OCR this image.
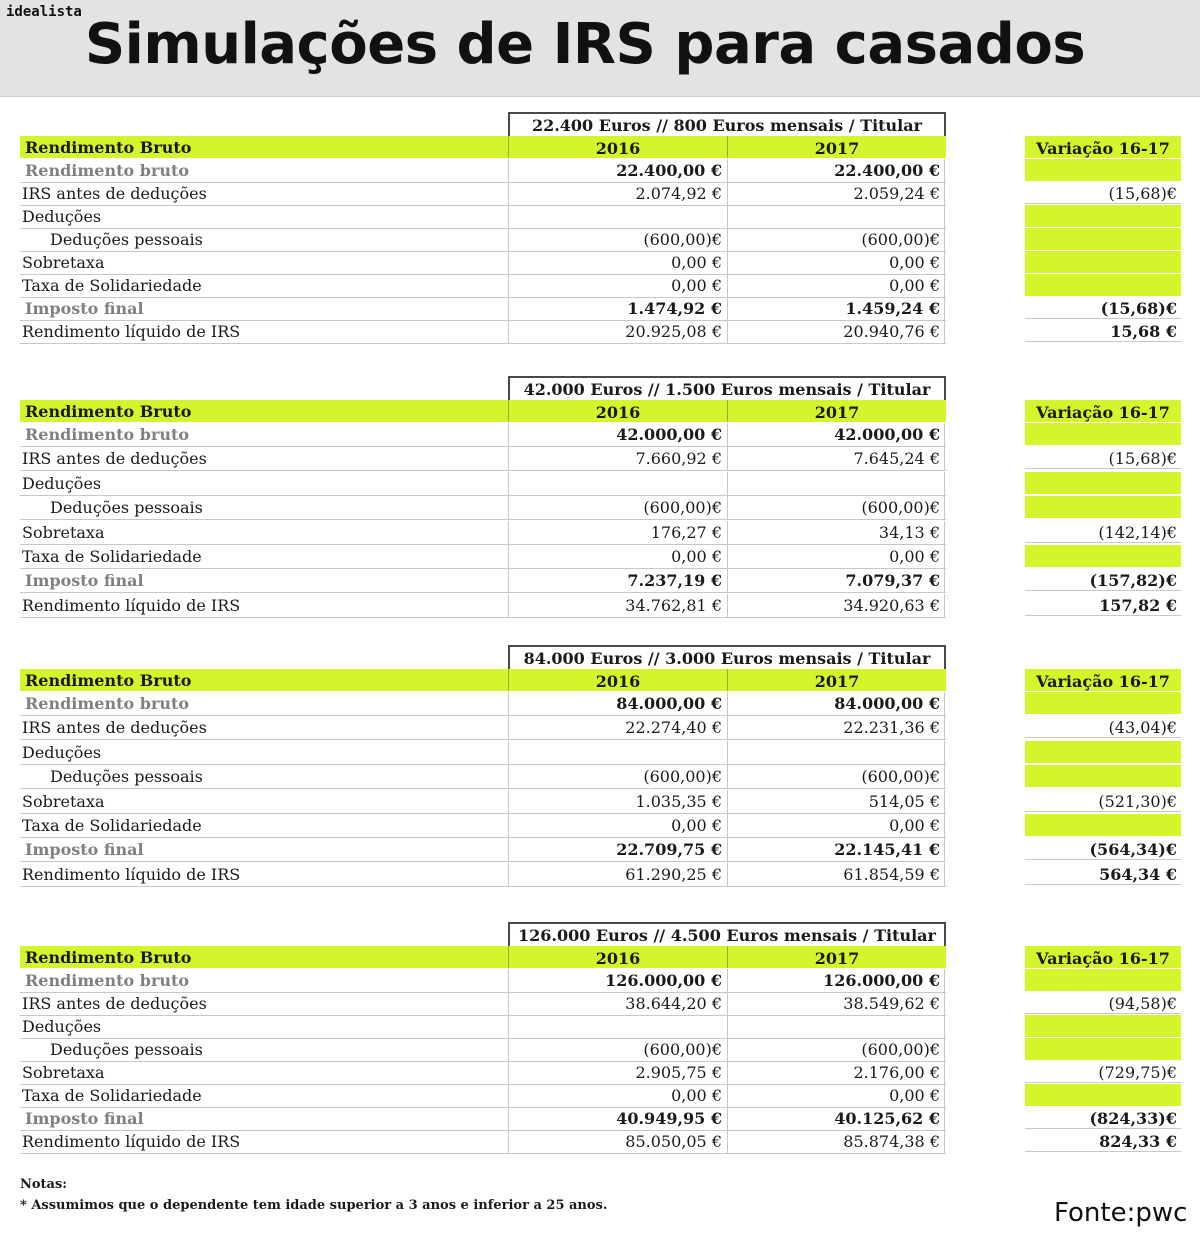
idealista Simulações de IRS para casados
22.400 Euros // 800 Euros mensais / Titular
Rendimento Bruto	2016	2017	Variação 16-17
Rendimento bruto	22.400,00 €	22.400,00 €
IRS antes de deduções	2.074,92 €	2.059,24 €	(15,68)€
Deduções
Deduções pessoais	(600,00)€	(600,00)€
Sobretaxa	0,00 €	0,00 €
Taxa de Solidariedade	0,00 €	0,00 €
Imposto final	1.474,92 €	1.459,24 €	(15,68)€
Rendimento líquido de IRS	20.925,08 €	20.940,76 €	15,68 €
42.000 Euros // 1.500 Euros mensais / Titular
Rendimento Bruto	2016	2017	Variação 16-17
Rendimento bruto	42.000,00 €	42.000,00 €
IRS antes de deduções	7.660,92 €	7.645,24 €	(15,68)€
Deduções
Deduções pessoais	(600,00)€	(600,00)€
Sobretaxa	176,27 €	34,13 €	(142,14)€
Taxa de Solidariedade	0,00 €	0,00 €
Imposto final	7.237,19 €	7.079,37 €	(157,82)€
Rendimento líquido de IRS	34.762,81 €	34.920,63 €	157,82 €
84.000 Euros // 3.000 Euros mensais / Titular
Rendimento Bruto	2016	2017	Variação 16-17
Rendimento bruto	84.000,00 €	84.000,00 €
IRS antes de deduções	22.274,40 €	22.231,36 €	(43,04)€
Deduções
Deduções pessoais	(600,00)€	(600,00)€
Sobretaxa	1.035,35 €	514,05 €	(521,30)€
Taxa de Solidariedade	0,00 €	0,00 €
Imposto final	22.709,75 €	22.145,41 €	(564,34)€
Rendimento líquido de IRS	61.290,25 €	61.854,59 €	564,34 €
126.000 Euros // 4.500 Euros mensais / Titular
Rendimento Bruto	2016	2017	Variação 16-17
Rendimento bruto	126.000,00 €	126.000,00 €
IRS antes de deduções	38.644,20 €	38.549,62 €	(94,58)€
Deduções
Deduções pessoais	(600,00)€	(600,00)€
Sobretaxa	2.905,75 €	2.176,00 €	(729,75)€
Taxa de Solidariedade	0,00 €	0,00 €
Imposto final	40.949,95 €	40.125,62 €	(824,33)€
Rendimento líquido de IRS	85.050,05 €	85.874,38 €	824,33 €
Notas:
* Assumimos que o dependente tem idade superior a 3 anos e inferior a 25 anos.	Fonte:pwc
